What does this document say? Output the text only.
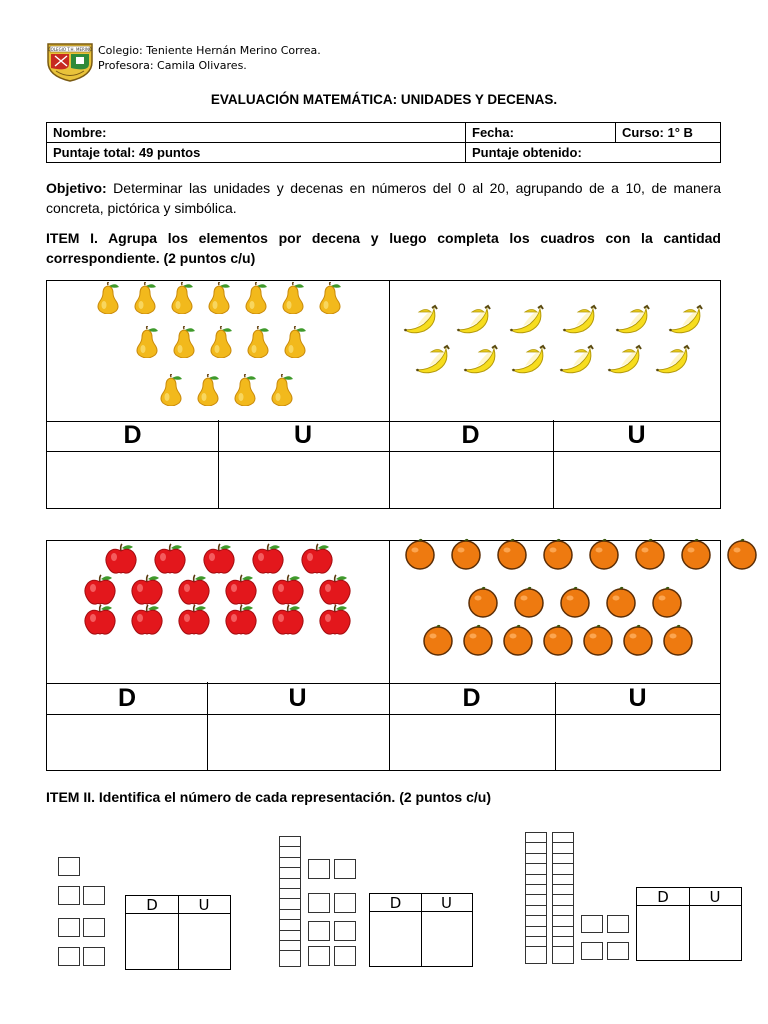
COLEGIO T.H. MERINO Colegio: Teniente Hernán Merino Correa.
Profesora: Camila Olivares.
EVALUACIÓN MATEMÁTICA: UNIDADES Y DECENAS.
Nombre:	Fecha:	Curso: 1° B
Puntaje total: 49 puntos	Puntaje obtenido:	
Objetivo: Determinar las unidades y decenas en números del 0 al 20, agrupando de a 10, de manera concreta, pictórica y simbólica.
ITEM I. Agrupa los elementos por decena y luego completa los cuadros con la cantidad correspondiente. (2 puntos c/u)
D	U	D	U
D	U	D	U
ITEM II. Identifica el número de cada representación. (2 puntos c/u)
D	U	D	U	D	U
